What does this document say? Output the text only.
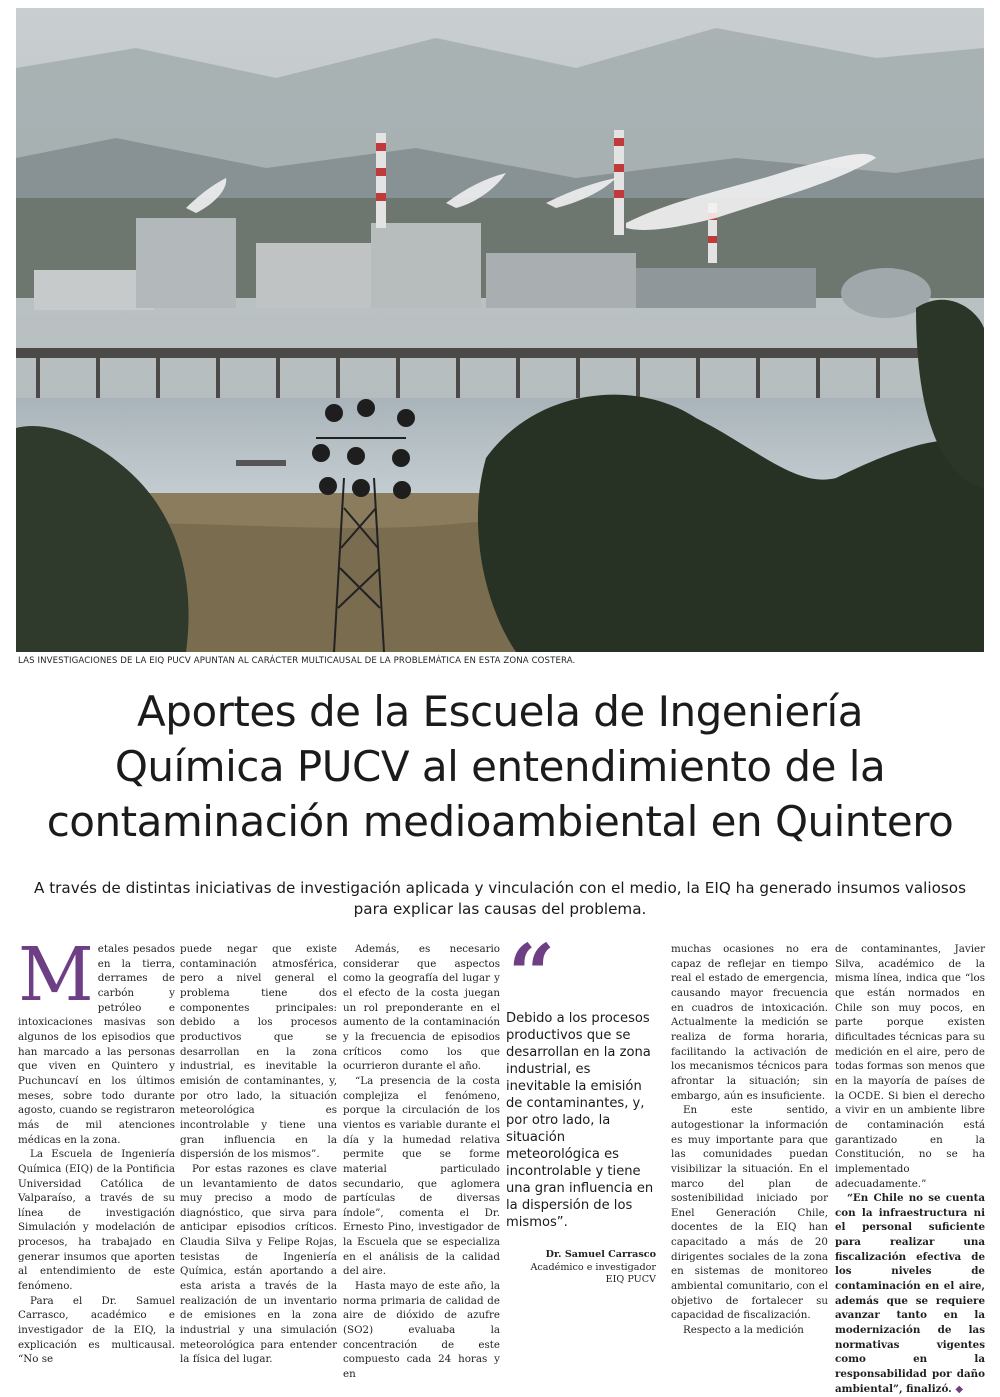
LAS INVESTIGACIONES DE LA EIQ PUCV APUNTAN AL CARÁCTER MULTICAUSAL DE LA PROBLEMÁTICA EN ESTA ZONA COSTERA.
Aportes de la Escuela de Ingeniería
Química PUCV al entendimiento de la
contaminación medioambiental en Quintero
A través de distintas iniciativas de investigación aplicada y vinculación con el medio, la EIQ ha generado insumos valiosos
para explicar las causas del problema.

Metales pesados en la tierra, derrames de carbón y petróleo e intoxicaciones masivas son algunos de los episodios que han marcado a las personas que viven en Quintero y Puchuncaví en los últimos meses, sobre todo durante agosto, cuando se registraron más de mil atenciones médicas en la zona.

La Escuela de Ingeniería Química (EIQ) de la Pontificia Universidad Católica de Valparaíso, a través de su línea de investigación Simulación y modelación de procesos, ha trabajado en generar insumos que aporten al entendimiento de este fenómeno.

Para el Dr. Samuel Carrasco, académico e investigador de la EIQ, la explicación es multicausal. “No se

puede negar que existe contaminación atmosférica, pero a nivel general el problema tiene dos componentes principales: debido a los procesos productivos que se desarrollan en la zona industrial, es inevitable la emisión de contaminantes, y, por otro lado, la situación meteorológica es incontrolable y tiene una gran influencia en la dispersión de los mismos”.

Por estas razones es clave un levantamiento de datos muy preciso a modo de diagnóstico, que sirva para anticipar episodios críticos. Claudia Silva y Felipe Rojas, tesistas de Ingeniería Química, están aportando a esta arista a través de la realización de un inventario de emisiones en la zona industrial y una simulación meteorológica para entender la física del lugar.

Además, es necesario considerar que aspectos como la geografía del lugar y el efecto de la costa juegan un rol preponderante en el aumento de la contaminación y la frecuencia de episodios críticos como los que ocurrieron durante el año.

“La presencia de la costa complejiza el fenómeno, porque la circulación de los vientos es variable durante el día y la humedad relativa permite que se forme material particulado secundario, que aglomera partículas de diversas índole”, comenta el Dr. Ernesto Pino, investigador de la Escuela que se especializa en el análisis de la calidad del aire.

Hasta mayo de este año, la norma primaria de calidad de aire de dióxido de azufre (SO2) evaluaba la concentración de este compuesto cada 24 horas y en

“
Debido a los procesos productivos que se desarrollan en la zona industrial, es inevitable la emisión de contaminantes, y, por otro lado, la situación meteorológica es incontrolable y tiene una gran influencia en la dispersión de los mismos”.
Dr. Samuel Carrasco
Académico e investigador
EIQ PUCV

muchas ocasiones no era capaz de reflejar en tiempo real el estado de emergencia, causando mayor frecuencia en cuadros de intoxicación. Actualmente la medición se realiza de forma horaria, facilitando la activación de los mecanismos técnicos para afrontar la situación; sin embargo, aún es insuficiente.

En este sentido, autogestionar la información es muy importante para que las comunidades puedan visibilizar la situación. En el marco del plan de sostenibilidad iniciado por Enel Generación Chile, docentes de la EIQ han capacitado a más de 20 dirigentes sociales de la zona en sistemas de monitoreo ambiental comunitario, con el objetivo de fortalecer su capacidad de fiscalización.

Respecto a la medición

de contaminantes, Javier Silva, académico de la misma línea, indica que “los que están normados en Chile son muy pocos, en parte porque existen dificultades técnicas para su medición en el aire, pero de todas formas son menos que en la mayoría de países de la OCDE. Si bien el derecho a vivir en un ambiente libre de contaminación está garantizado en la Constitución, no se ha implementado adecuadamente.”

“En Chile no se cuenta con la infraestructura ni el personal suficiente para realizar una fiscalización efectiva de los niveles de contaminación en el aire, además que se requiere avanzar tanto en la modernización de las normativas vigentes como en la responsabilidad por daño ambiental”, finalizó. ◆
